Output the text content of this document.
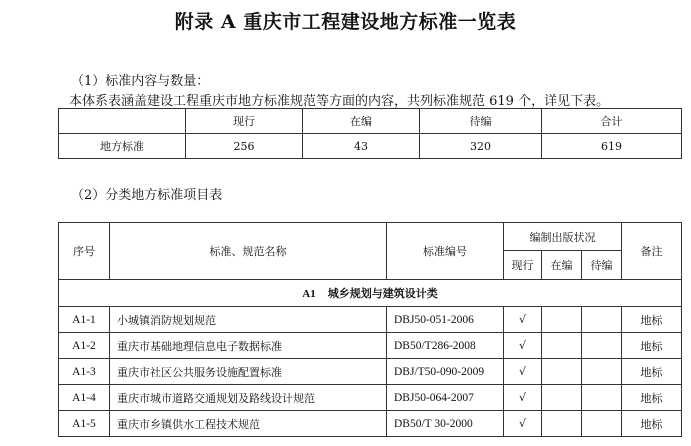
附录 A 重庆市工程建设地方标准一览表
（1）标准内容与数量：
本体系表涵盖建设工程重庆市地方标准规范等方面的内容，共列标准规范 619 个，详见下表。
	现行	在编	待编	合计
地方标准	256	43	320	619
（2）分类地方标准项目表
序号	标准、规范名称	标准编号	编制出版状况			备注
			现行	在编	待编	
A1 城乡规划与建筑设计类						
A1-1	小城镇消防规划规范	DBJ50-051-2006	√			地标
A1-2	重庆市基础地理信息电子数据标准	DB50/T286-2008	√			地标
A1-3	重庆市社区公共服务设施配置标准	DBJ/T50-090-2009	√			地标
A1-4	重庆市城市道路交通规划及路线设计规范	DBJ50-064-2007	√			地标
A1-5	重庆市乡镇供水工程技术规范	DB50/T 30-2000	√			地标
